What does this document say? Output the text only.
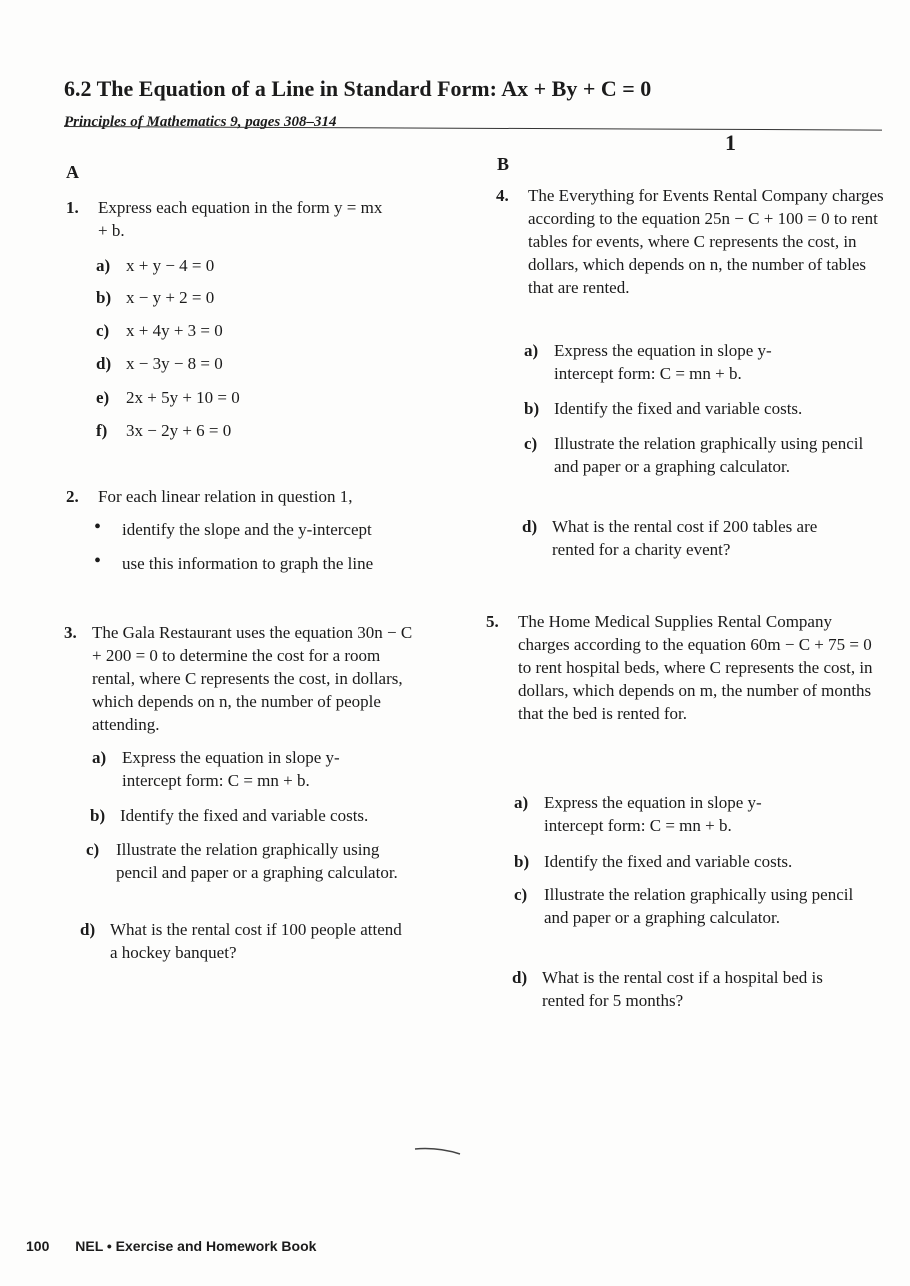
6.2 The Equation of a Line in Standard Form: Ax + By + C = 0
Principles of Mathematics 9, pages 308–314
1
A
1. Express each equation in the form y = mx + b.
a) x + y − 4 = 0
b) x − y + 2 = 0
c) x + 4y + 3 = 0
d) x − 3y − 8 = 0
e) 2x + 5y + 10 = 0
f) 3x − 2y + 6 = 0
2. For each linear relation in question 1,
• identify the slope and the y-intercept
• use this information to graph the line
3. The Gala Restaurant uses the equation 30n − C + 200 = 0 to determine the cost for a room rental, where C represents the cost, in dollars, which depends on n, the number of people attending.
a) Express the equation in slope y-intercept form: C = mn + b.
b) Identify the fixed and variable costs.
c) Illustrate the relation graphically using pencil and paper or a graphing calculator.
d) What is the rental cost if 100 people attend a hockey banquet?
B
4. The Everything for Events Rental Company charges according to the equation 25n − C + 100 = 0 to rent tables for events, where C represents the cost, in dollars, which depends on n, the number of tables that are rented.
a) Express the equation in slope y-intercept form: C = mn + b.
b) Identify the fixed and variable costs.
c) Illustrate the relation graphically using pencil and paper or a graphing calculator.
d) What is the rental cost if 200 tables are rented for a charity event?
5. The Home Medical Supplies Rental Company charges according to the equation 60m − C + 75 = 0 to rent hospital beds, where C represents the cost, in dollars, which depends on m, the number of months that the bed is rented for.
a) Express the equation in slope y-intercept form: C = mn + b.
b) Identify the fixed and variable costs.
c) Illustrate the relation graphically using pencil and paper or a graphing calculator.
d) What is the rental cost if a hospital bed is rented for 5 months?
100 NEL • Exercise and Homework Book
